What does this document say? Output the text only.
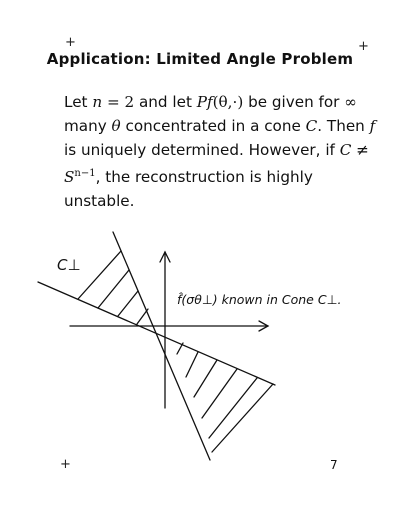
+	+
+
Application: Limited Angle Problem
Let n = 2 and let Pf(θ,·) be given for ∞ many θ concentrated in a cone C. Then f is uniquely determined. However, if $C \ne S^{n-1}$, the reconstruction is highly unstable.
C⊥
f̂(σθ⊥) known in Cone C⊥.
7
